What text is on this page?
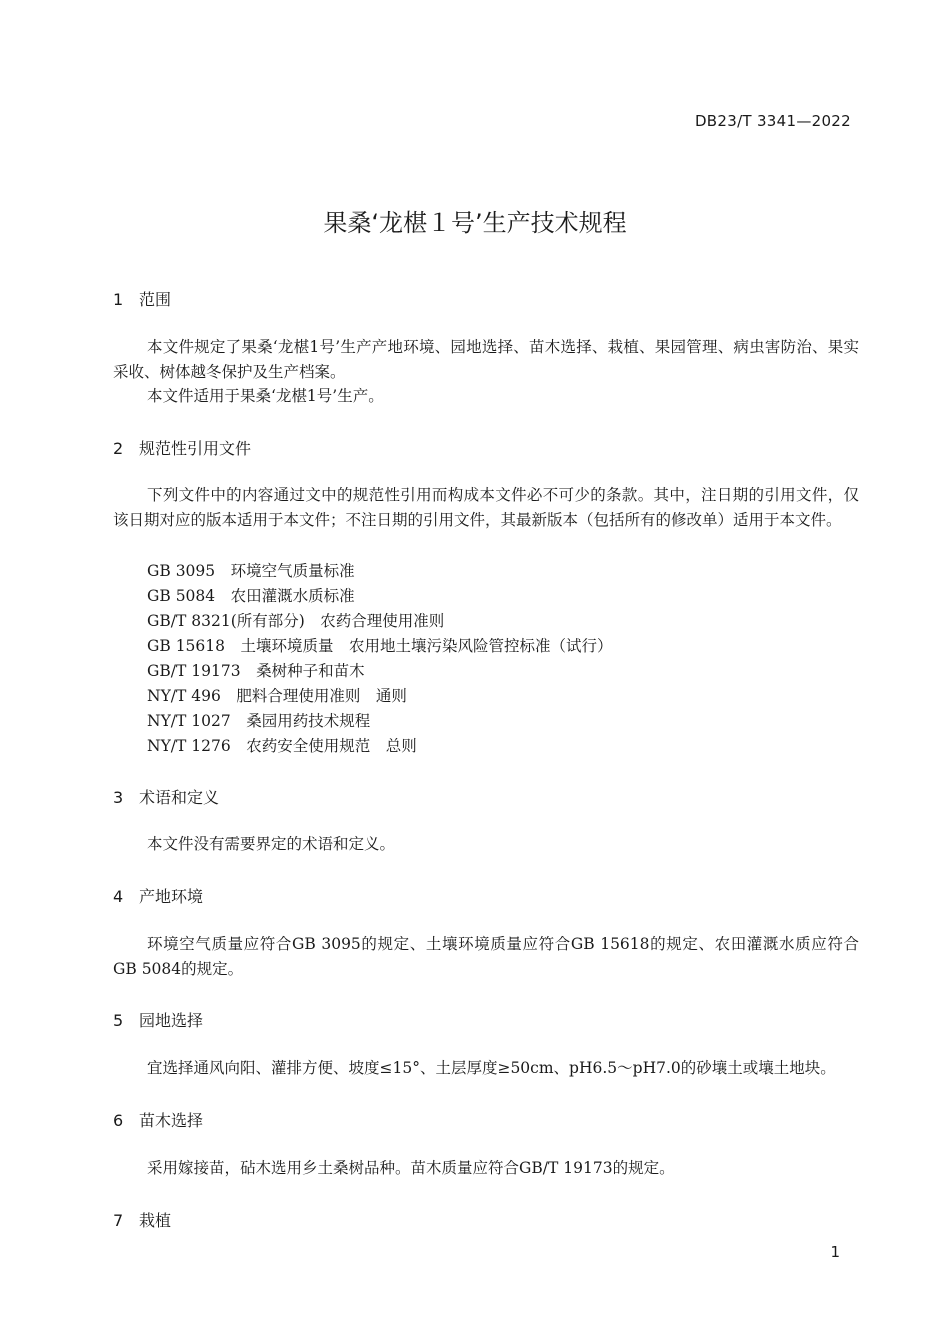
DB23/T 3341—2022
果桑‘龙椹１号’生产技术规程
1 范围
本文件规定了果桑‘龙椹1号’生产产地环境、园地选择、苗木选择、栽植、果园管理、病虫害防治、果实采收、树体越冬保护及生产档案。
本文件适用于果桑‘龙椹1号’生产。
2 规范性引用文件
下列文件中的内容通过文中的规范性引用而构成本文件必不可少的条款。其中，注日期的引用文件，仅该日期对应的版本适用于本文件；不注日期的引用文件，其最新版本（包括所有的修改单）适用于本文件。
GB 3095　环境空气质量标准
GB 5084　农田灌溉水质标准
GB/T 8321(所有部分)　农药合理使用准则
GB 15618　土壤环境质量　农用地土壤污染风险管控标准（试行）
GB/T 19173　桑树种子和苗木
NY/T 496　肥料合理使用准则　通则
NY/T 1027　桑园用药技术规程
NY/T 1276　农药安全使用规范　总则
3 术语和定义
本文件没有需要界定的术语和定义。
4 产地环境
环境空气质量应符合GB 3095的规定、土壤环境质量应符合GB 15618的规定、农田灌溉水质应符合GB 5084的规定。
5 园地选择
宜选择通风向阳、灌排方便、坡度≤15°、土层厚度≥50cm、pH6.5～pH7.0的砂壤土或壤土地块。
6 苗木选择
采用嫁接苗，砧木选用乡土桑树品种。苗木质量应符合GB/T 19173的规定。
7 栽植
1
